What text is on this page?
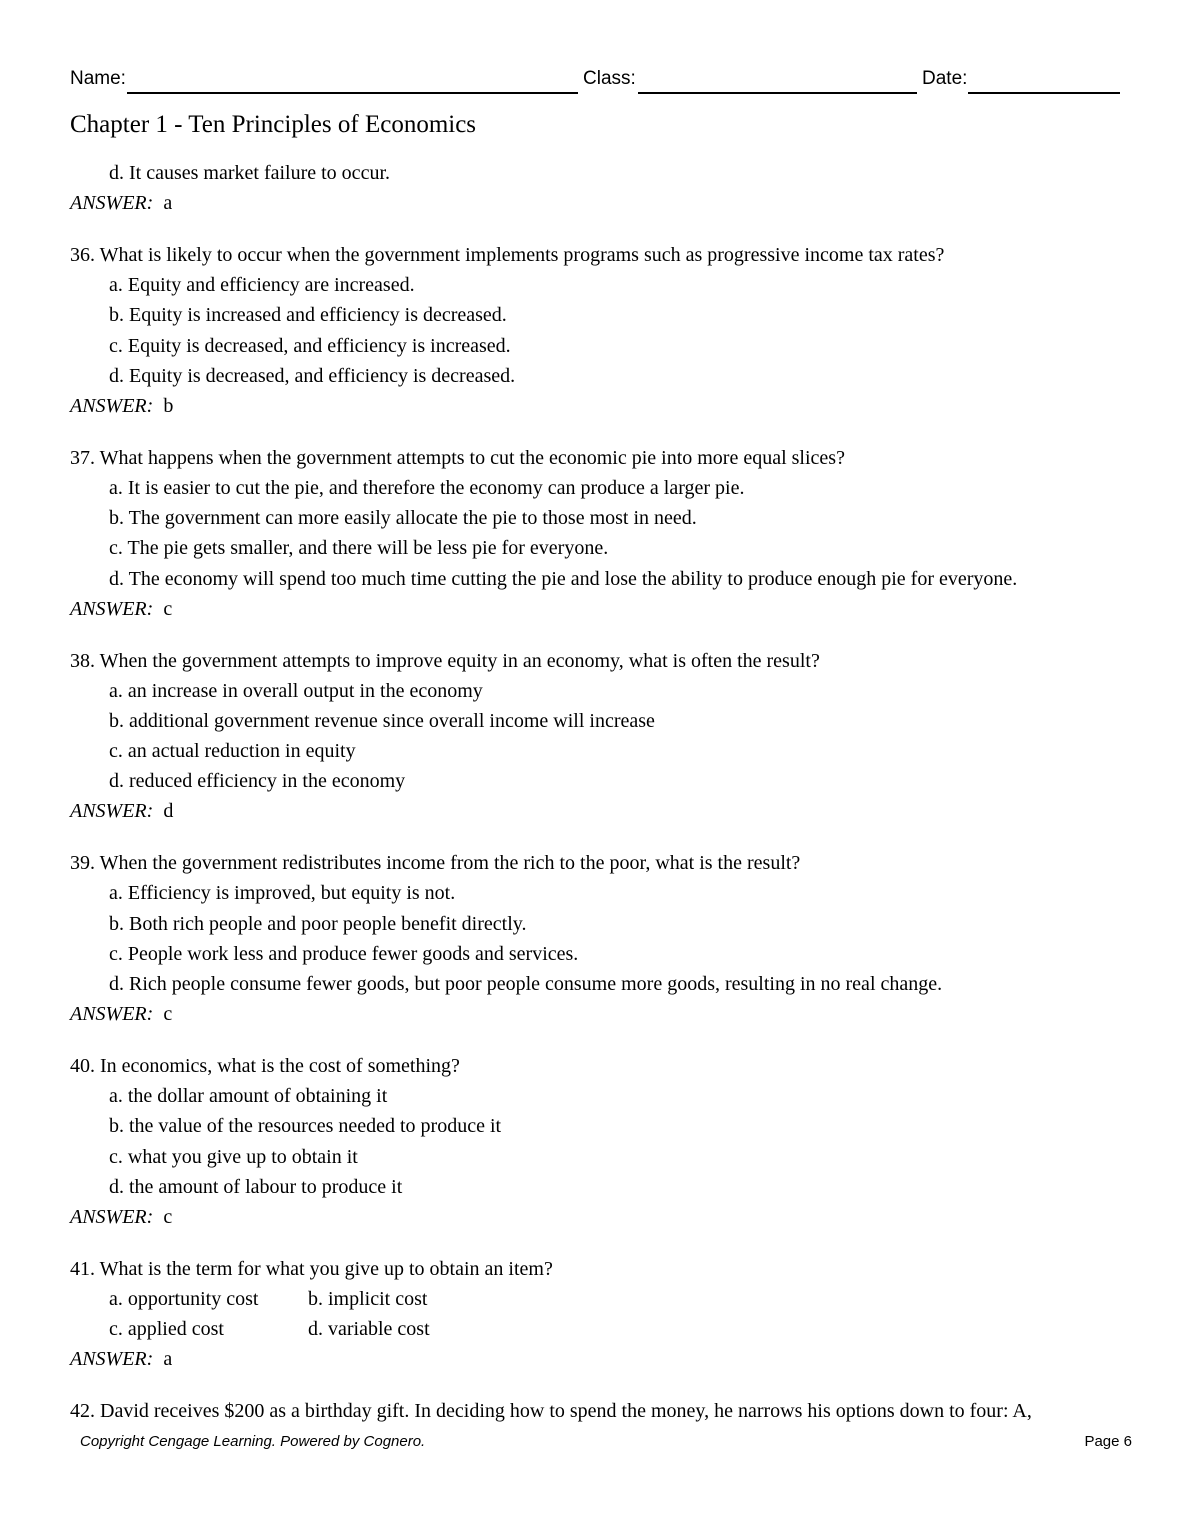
Name:	Class:	Date:
Chapter 1 - Ten Principles of Economics
d. It causes market failure to occur.
ANSWER: a
36. What is likely to occur when the government implements programs such as progressive income tax rates?
a. Equity and efficiency are increased.
b. Equity is increased and efficiency is decreased.
c. Equity is decreased, and efficiency is increased.
d. Equity is decreased, and efficiency is decreased.
ANSWER: b
37. What happens when the government attempts to cut the economic pie into more equal slices?
a. It is easier to cut the pie, and therefore the economy can produce a larger pie.
b. The government can more easily allocate the pie to those most in need.
c. The pie gets smaller, and there will be less pie for everyone.
d. The economy will spend too much time cutting the pie and lose the ability to produce enough pie for everyone.
ANSWER: c
38. When the government attempts to improve equity in an economy, what is often the result?
a. an increase in overall output in the economy
b. additional government revenue since overall income will increase
c. an actual reduction in equity
d. reduced efficiency in the economy
ANSWER: d
39. When the government redistributes income from the rich to the poor, what is the result?
a. Efficiency is improved, but equity is not.
b. Both rich people and poor people benefit directly.
c. People work less and produce fewer goods and services.
d. Rich people consume fewer goods, but poor people consume more goods, resulting in no real change.
ANSWER: c
40. In economics, what is the cost of something?
a. the dollar amount of obtaining it
b. the value of the resources needed to produce it
c. what you give up to obtain it
d. the amount of labour to produce it
ANSWER: c
41. What is the term for what you give up to obtain an item?
a. opportunity cost	b. implicit cost
c. applied cost	d. variable cost
ANSWER: a
42. David receives $200 as a birthday gift. In deciding how to spend the money, he narrows his options down to four: A,
Copyright Cengage Learning. Powered by Cognero.	Page 6
